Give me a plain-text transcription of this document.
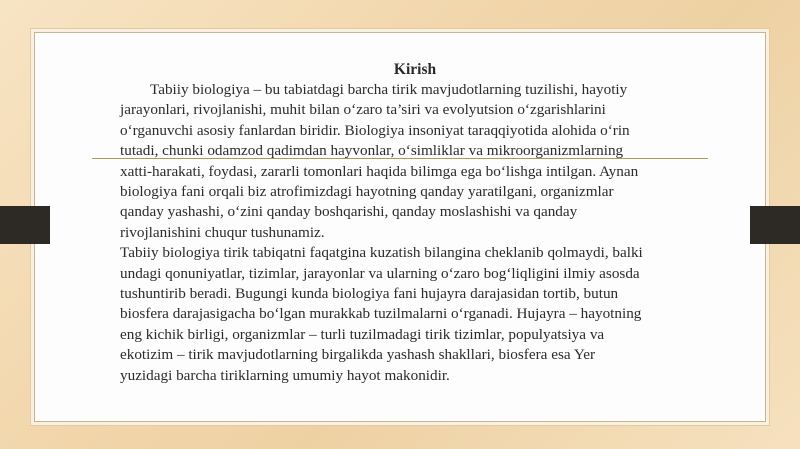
Kirish

Tabiiy biologiya – bu tabiatdagi barcha tirik mavjudotlarning tuzilishi, hayotiy
jarayonlari, rivojlanishi, muhit bilan o‘zaro ta’siri va evolyutsion o‘zgarishlarini
o‘rganuvchi asosiy fanlardan biridir. Biologiya insoniyat taraqqiyotida alohida o‘rin
tutadi, chunki odamzod qadimdan hayvonlar, o‘simliklar va mikroorganizmlarning
xatti-harakati, foydasi, zararli tomonlari haqida bilimga ega bo‘lishga intilgan. Aynan
biologiya fani orqali biz atrofimizdagi hayotning qanday yaratilgani, organizmlar
qanday yashashi, o‘zini qanday boshqarishi, qanday moslashishi va qanday
rivojlanishini chuqur tushunamiz.

Tabiiy biologiya tirik tabiqatni faqatgina kuzatish bilangina cheklanib qolmaydi, balki
undagi qonuniyatlar, tizimlar, jarayonlar va ularning o‘zaro bog‘liqligini ilmiy asosda
tushuntirib beradi. Bugungi kunda biologiya fani hujayra darajasidan tortib, butun
biosfera darajasigacha bo‘lgan murakkab tuzilmalarni o‘rganadi. Hujayra – hayotning
eng kichik birligi, organizmlar – turli tuzilmadagi tirik tizimlar, populyatsiya va
ekotizim – tirik mavjudotlarning birgalikda yashash shakllari, biosfera esa Yer
yuzidagi barcha tiriklarning umumiy hayot makonidir.
